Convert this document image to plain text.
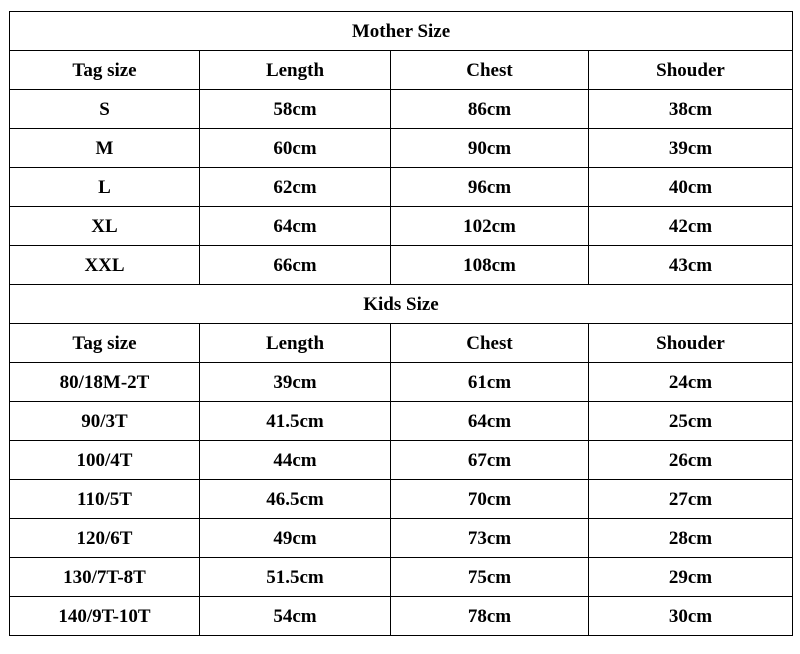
Mother Size			
Tag size	Length	Chest	Shouder
S	58cm	86cm	38cm
M	60cm	90cm	39cm
L	62cm	96cm	40cm
XL	64cm	102cm	42cm
XXL	66cm	108cm	43cm
Kids Size			
Tag size	Length	Chest	Shouder
80/18M-2T	39cm	61cm	24cm
90/3T	41.5cm	64cm	25cm
100/4T	44cm	67cm	26cm
110/5T	46.5cm	70cm	27cm
120/6T	49cm	73cm	28cm
130/7T-8T	51.5cm	75cm	29cm
140/9T-10T	54cm	78cm	30cm
